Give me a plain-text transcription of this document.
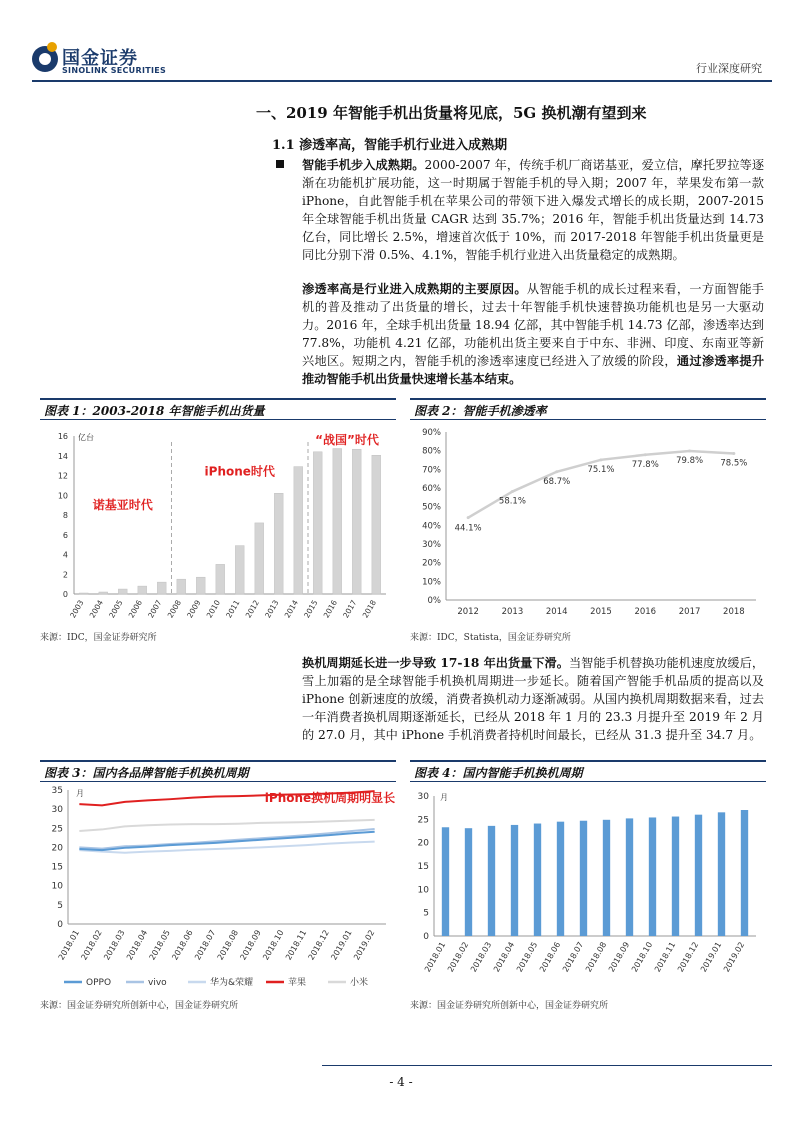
国金证券
SINOLINK SECURITIES	行业深度研究
一、2019 年智能手机出货量将见底，5G 换机潮有望到来
1.1 渗透率高，智能手机行业进入成熟期
智能手机步入成熟期。2000-2007 年，传统手机厂商诺基亚，爱立信，摩托罗拉等逐渐在功能机扩展功能，这一时期属于智能手机的导入期；2007 年，苹果发布第一款 iPhone，自此智能手机在苹果公司的带领下进入爆发式增长的成长期，2007-2015 年全球智能手机出货量 CAGR 达到 35.7%；2016 年，智能手机出货量达到 14.73 亿台，同比增长 2.5%，增速首次低于 10%，而 2017-2018 年智能手机出货量更是同比分别下滑 0.5%、4.1%，智能手机行业进入出货量稳定的成熟期。
渗透率高是行业进入成熟期的主要原因。从智能手机的成长过程来看，一方面智能手机的普及推动了出货量的增长，过去十年智能手机快速替换功能机也是另一大驱动力。2016 年，全球手机出货量 18.94 亿部，其中智能手机 14.73 亿部，渗透率达到 77.8%，功能机 4.21 亿部，功能机出货主要来自于中东、非洲、印度、东南亚等新兴地区。短期之内，智能手机的渗透率速度已经进入了放缓的阶段，通过渗透率提升推动智能手机出货量快速增长基本结束。
图表 1：2003-2018 年智能手机出货量
0
2
4
6
8
10
12
14
16 亿台
2003 2004 2005 2006 2007 2008 2009 2010 2011 2012 2013 2014 2015 2016 2017 2018
诺基亚时代
iPhone时代
“战国”时代
来源：IDC，国金证券研究所
图表 2：智能手机渗透率
0%
10%
20%
30%
40%
50%
60%
70%
80%
90%
44.1%
2012
58.1%
2013
68.7%
2014
75.1%
2015
77.8%
2016
79.8%
2017
78.5%
2018
来源：IDC，Statista，国金证券研究所
换机周期延长进一步导致 17-18 年出货量下滑。当智能手机替换功能机速度放缓后，雪上加霜的是全球智能手机换机周期进一步延长。随着国产智能手机品质的提高以及 iPhone 创新速度的放缓，消费者换机动力逐渐减弱。从国内换机周期数据来看，过去一年消费者换机周期逐渐延长，已经从 2018 年 1 月的 23.3 月提升至 2019 年 2 月的 27.0 月，其中 iPhone 手机消费者持机时间最长，已经从 31.3 提升至 34.7 月。
图表 3：国内各品牌智能手机换机周期
0
5
10
15
20
25
30
35 月
2018.01
2018.02
2018.03
2018.04
2018.05
2018.06
2018.07
2018.08
2018.09
2018.10
2018.11
2018.12
2019.01
2019.02
iPhone换机周期明显长
OPPO	vivo	华为&荣耀	苹果	小米
来源：国金证券研究所创新中心，国金证券研究所
图表 4：国内智能手机换机周期
0
5
10
15
20
25
30 月
2018.01
2018.02
2018.03
2018.04
2018.05
2018.06
2018.07
2018.08
2018.09
2018.10
2018.11
2018.12
2019.01
2019.02
来源：国金证券研究所创新中心，国金证券研究所
- 4 -
